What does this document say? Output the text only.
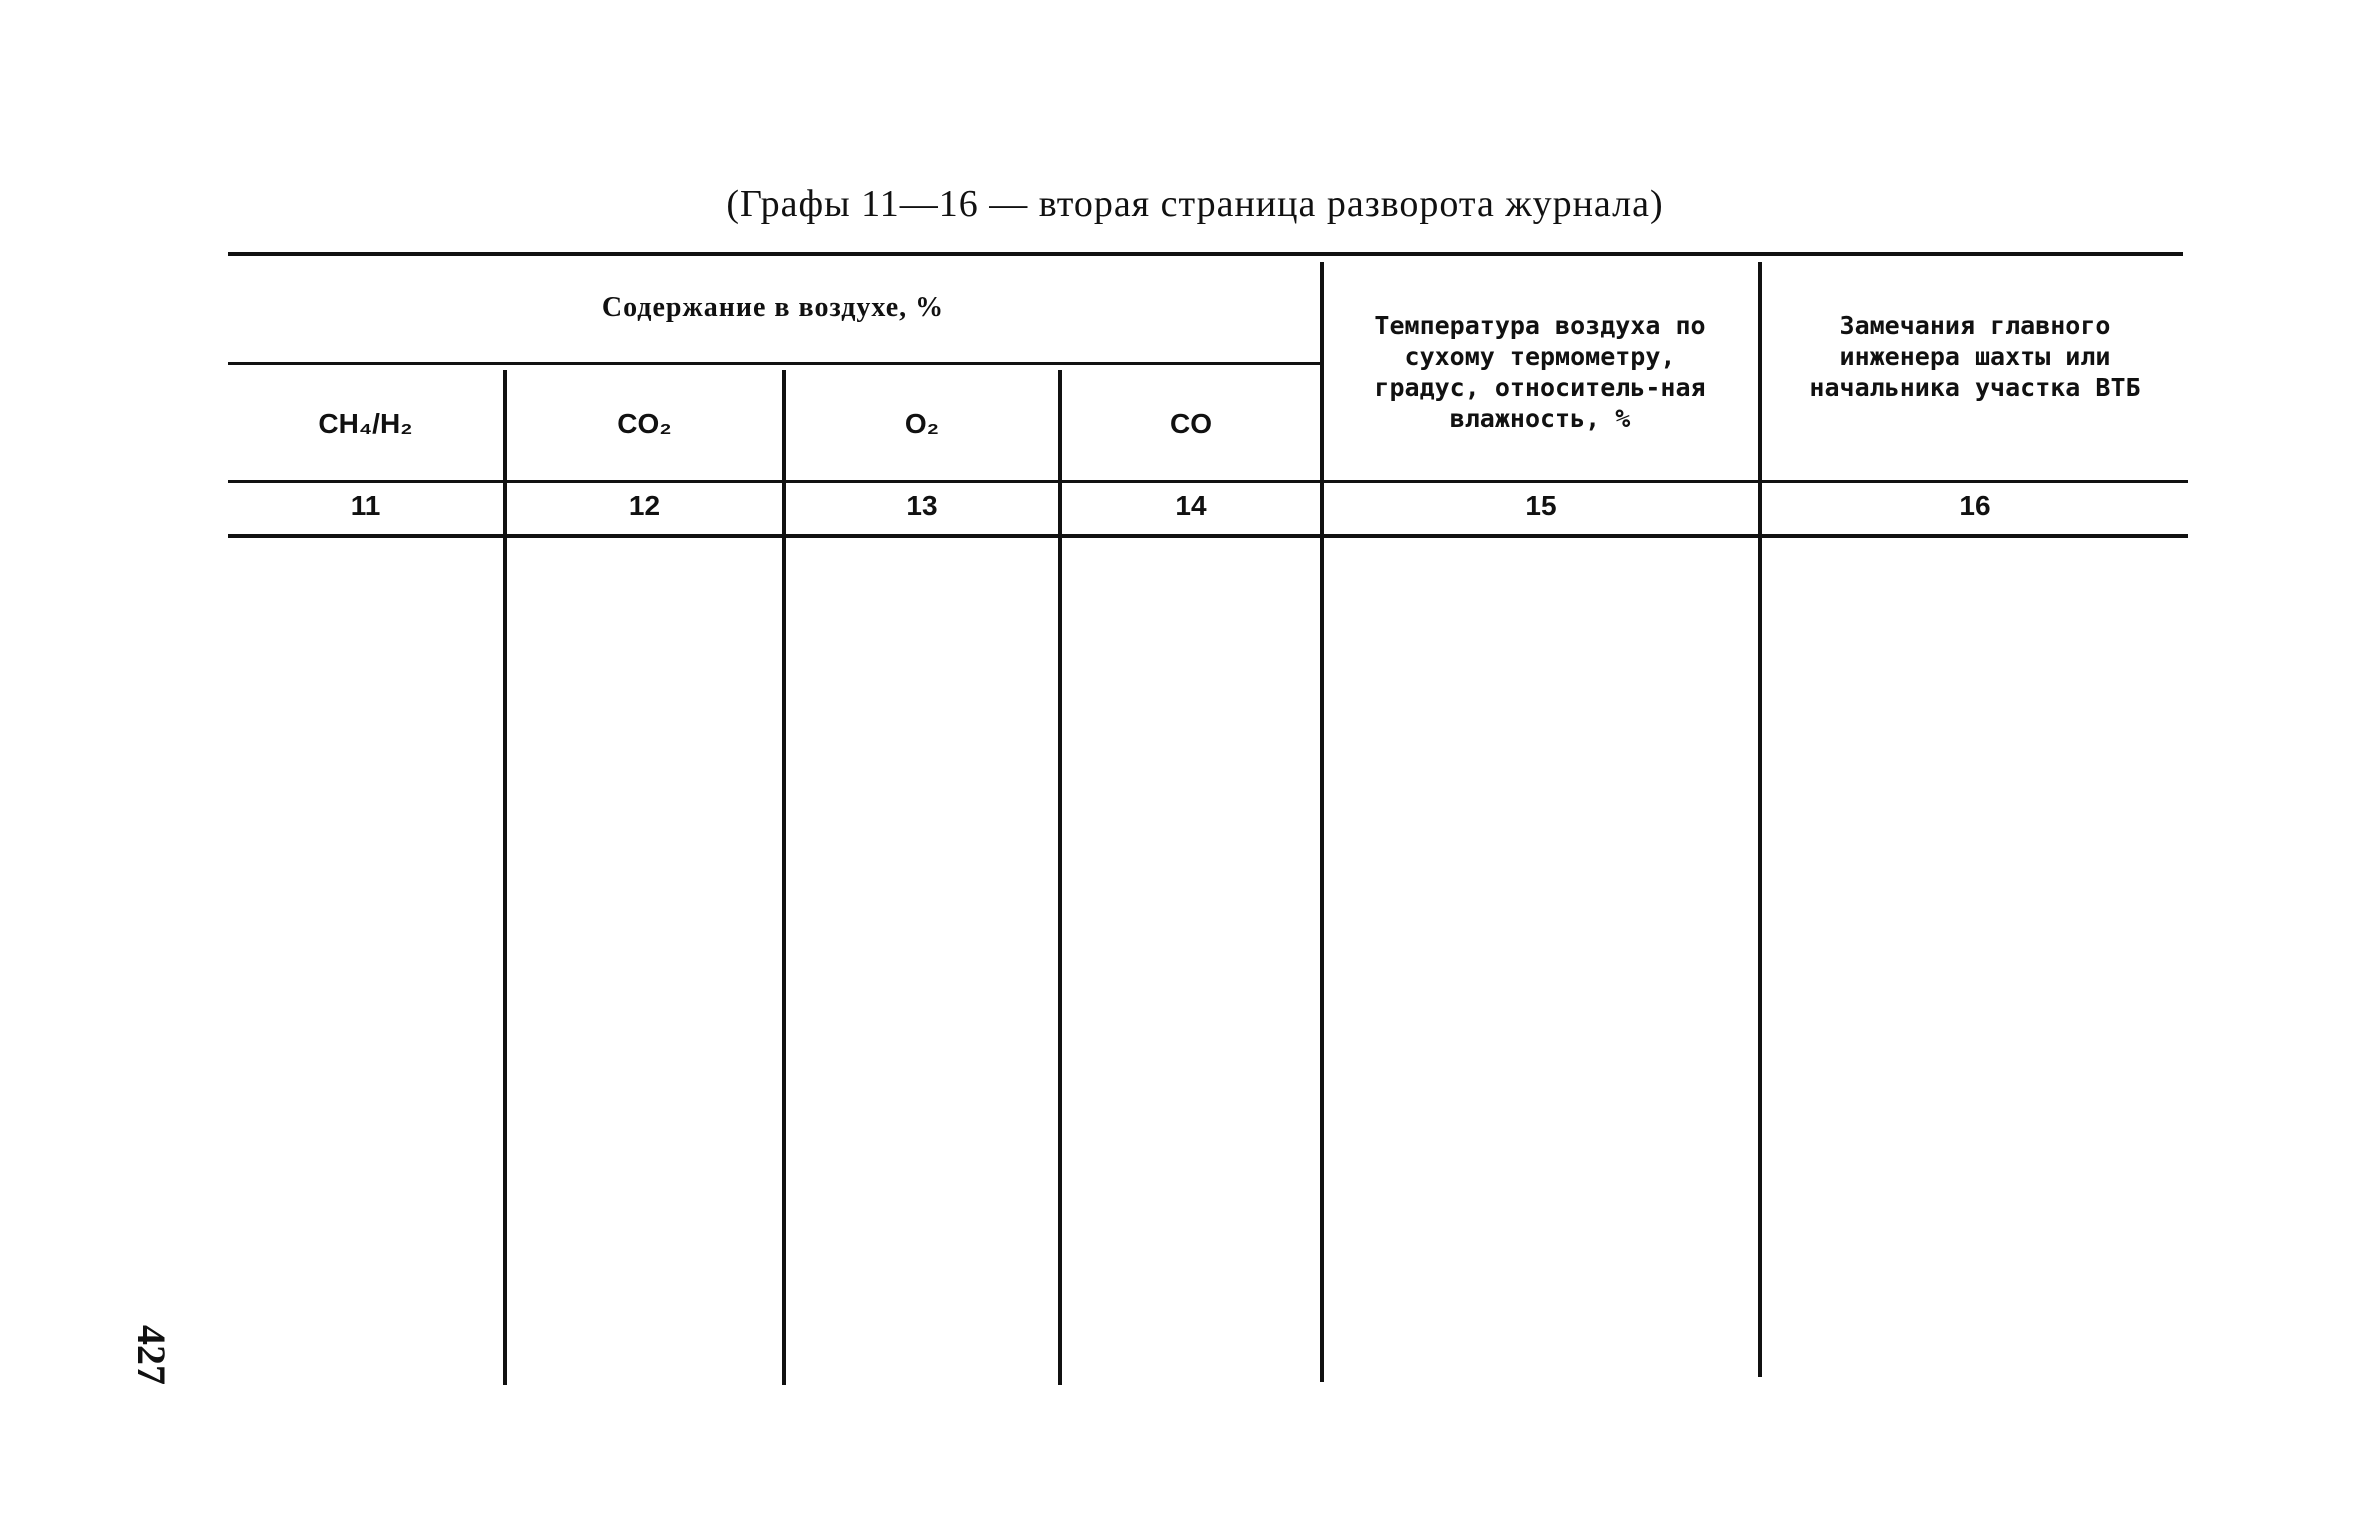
(Графы 11—16 — вторая страница разворота журнала)
Содержание в воздухе, %
CH₄/H₂	CO₂	O₂	CO
Температура воздуха по сухому термометру, градус, относитель-ная влажность, %
Замечания главного инженера шахты или начальника участка ВТБ
11	12	13	14	15	16
427
